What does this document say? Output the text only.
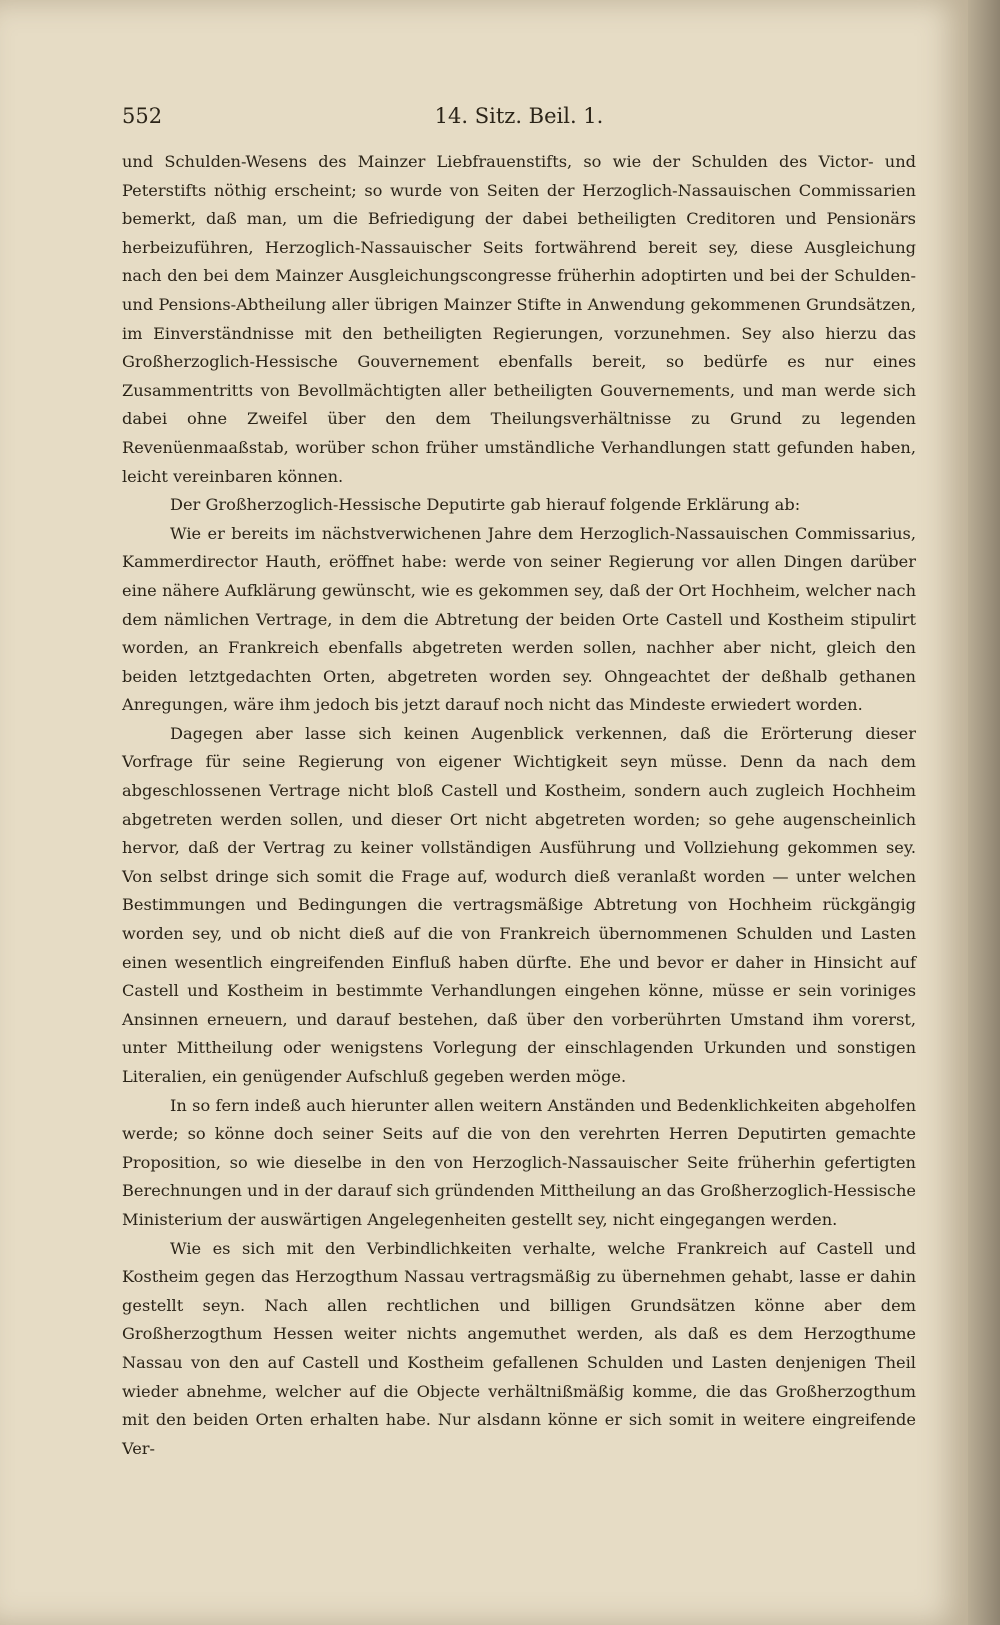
552	14. Sitz. Beil. 1.

und Schulden-Wesens des Mainzer Liebfrauenstifts, so wie der Schulden des Victor- und Peterstifts nöthig erscheint; so wurde von Seiten der Herzoglich-Nassauischen Commissarien bemerkt, daß man, um die Befriedigung der dabei betheiligten Creditoren und Pensionärs herbeizuführen, Herzoglich-Nassauischer Seits fortwährend bereit sey, diese Ausgleichung nach den bei dem Mainzer Ausgleichungscongresse früherhin adoptirten und bei der Schulden- und Pensions-Abtheilung aller übrigen Mainzer Stifte in Anwendung gekommenen Grundsätzen, im Einverständnisse mit den betheiligten Regierungen, vorzunehmen. Sey also hierzu das Großherzoglich-Hessische Gouvernement ebenfalls bereit, so bedürfe es nur eines Zusammentritts von Bevollmächtigten aller betheiligten Gouvernements, und man werde sich dabei ohne Zweifel über den dem Theilungsverhältnisse zu Grund zu legenden Revenüenmaaßstab, worüber schon früher umständliche Verhandlungen statt gefunden haben, leicht vereinbaren können.

Der Großherzoglich-Hessische Deputirte gab hierauf folgende Erklärung ab:

Wie er bereits im nächstverwichenen Jahre dem Herzoglich-Nassauischen Commissarius, Kammerdirector Hauth, eröffnet habe: werde von seiner Regierung vor allen Dingen darüber eine nähere Aufklärung gewünscht, wie es gekommen sey, daß der Ort Hochheim, welcher nach dem nämlichen Vertrage, in dem die Abtretung der beiden Orte Castell und Kostheim stipulirt worden, an Frankreich ebenfalls abgetreten werden sollen, nachher aber nicht, gleich den beiden letztgedachten Orten, abgetreten worden sey. Ohngeachtet der deßhalb gethanen Anregungen, wäre ihm jedoch bis jetzt darauf noch nicht das Mindeste erwiedert worden.

Dagegen aber lasse sich keinen Augenblick verkennen, daß die Erörterung dieser Vorfrage für seine Regierung von eigener Wichtigkeit seyn müsse. Denn da nach dem abgeschlossenen Vertrage nicht bloß Castell und Kostheim, sondern auch zugleich Hochheim abgetreten werden sollen, und dieser Ort nicht abgetreten worden; so gehe augenscheinlich hervor, daß der Vertrag zu keiner vollständigen Ausführung und Vollziehung gekommen sey. Von selbst dringe sich somit die Frage auf, wodurch dieß veranlaßt worden — unter welchen Bestimmungen und Bedingungen die vertragsmäßige Abtretung von Hochheim rückgängig worden sey, und ob nicht dieß auf die von Frankreich übernommenen Schulden und Lasten einen wesentlich eingreifenden Einfluß haben dürfte. Ehe und bevor er daher in Hinsicht auf Castell und Kostheim in bestimmte Verhandlungen eingehen könne, müsse er sein voriniges Ansinnen erneuern, und darauf bestehen, daß über den vorberührten Umstand ihm vorerst, unter Mittheilung oder wenigstens Vorlegung der einschlagenden Urkunden und sonstigen Literalien, ein genügender Aufschluß gegeben werden möge.

In so fern indeß auch hierunter allen weitern Anständen und Bedenklichkeiten abgeholfen werde; so könne doch seiner Seits auf die von den verehrten Herren Deputirten gemachte Proposition, so wie dieselbe in den von Herzoglich-Nassauischer Seite früherhin gefertigten Berechnungen und in der darauf sich gründenden Mittheilung an das Großherzoglich-Hessische Ministerium der auswärtigen Angelegenheiten gestellt sey, nicht eingegangen werden.

Wie es sich mit den Verbindlichkeiten verhalte, welche Frankreich auf Castell und Kostheim gegen das Herzogthum Nassau vertragsmäßig zu übernehmen gehabt, lasse er dahin gestellt seyn. Nach allen rechtlichen und billigen Grundsätzen könne aber dem Großherzogthum Hessen weiter nichts angemuthet werden, als daß es dem Herzogthume Nassau von den auf Castell und Kostheim gefallenen Schulden und Lasten denjenigen Theil wieder abnehme, welcher auf die Objecte verhältnißmäßig komme, die das Großherzogthum mit den beiden Orten erhalten habe. Nur alsdann könne er sich somit in weitere eingreifende Ver-
